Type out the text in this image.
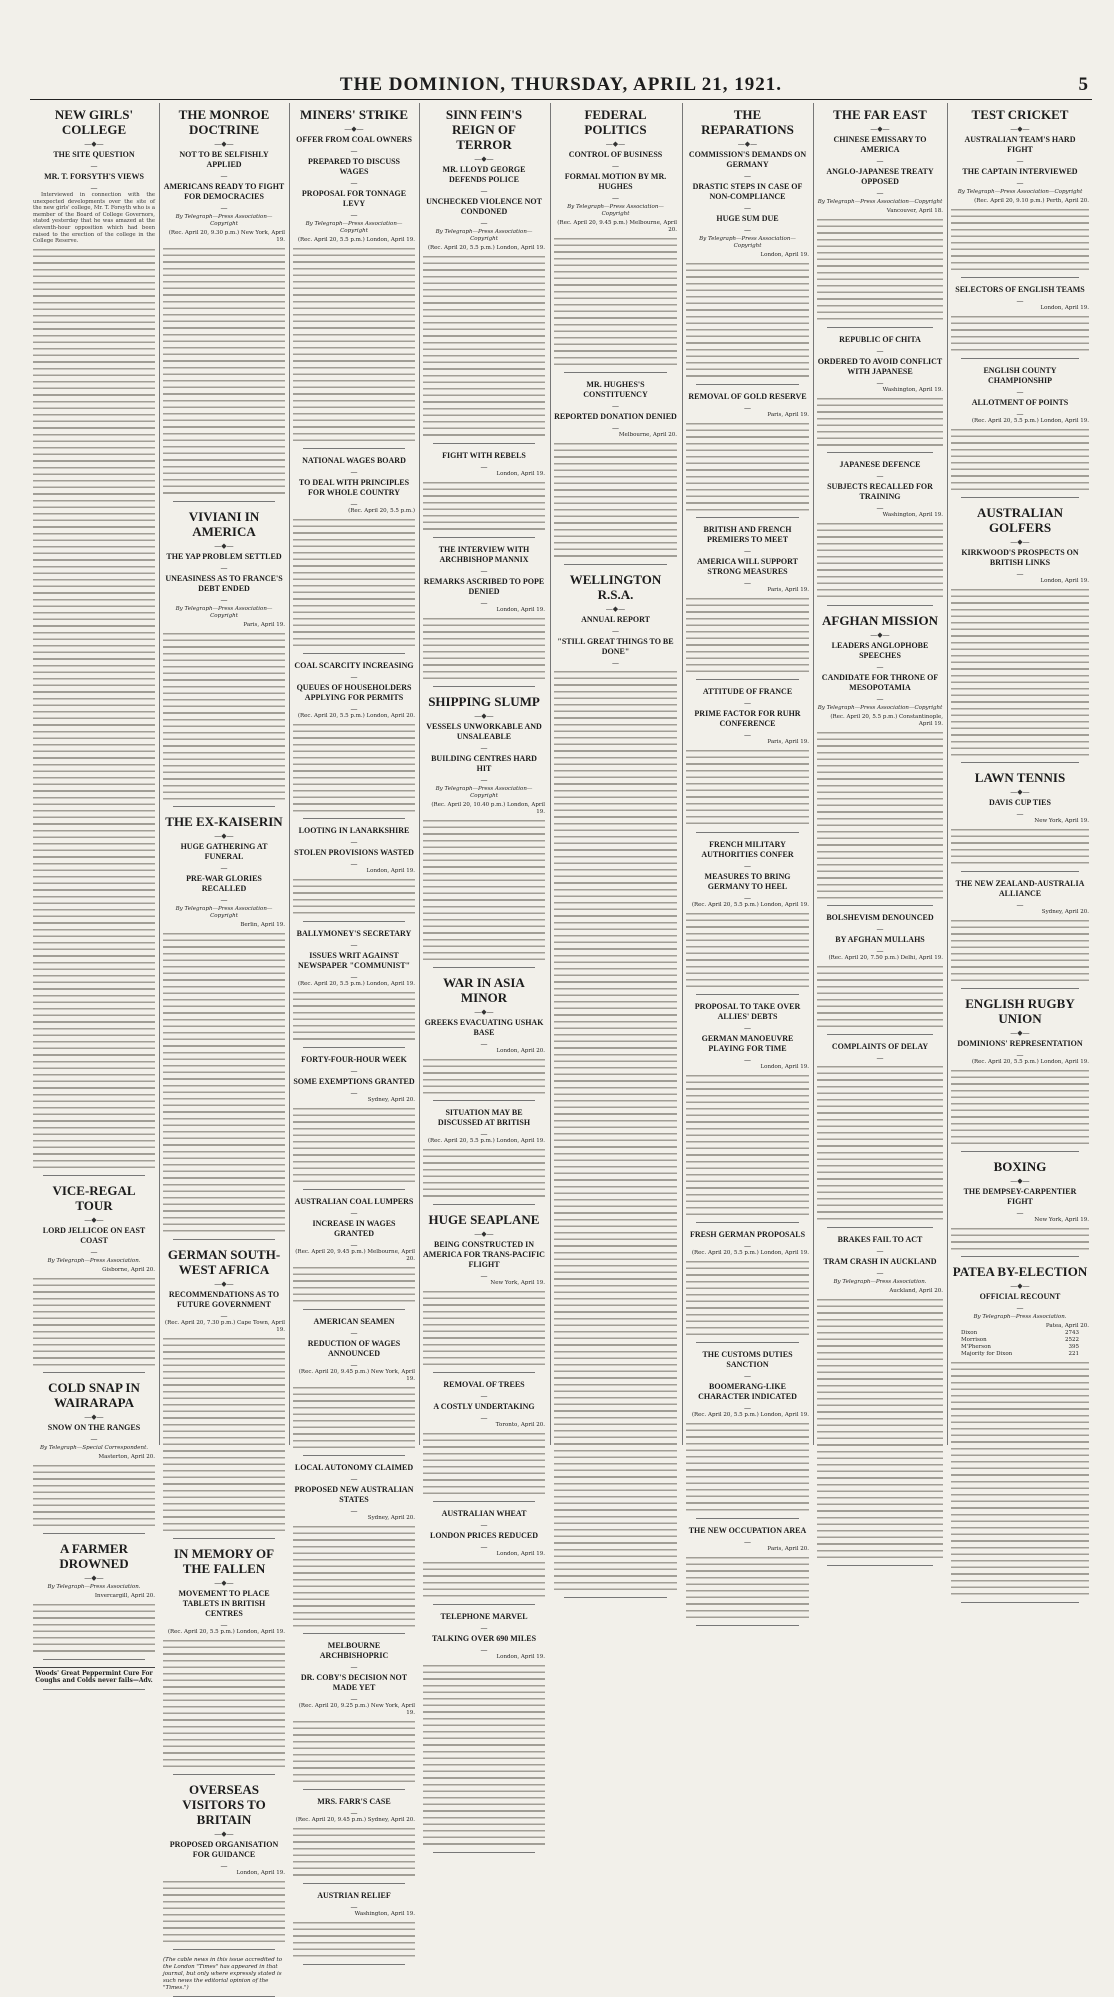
THE DOMINION, THURSDAY, APRIL 21, 1921.	5
NEW GIRLS' COLLEGE
—◆—
THE SITE QUESTION
—
MR. T. FORSYTH'S VIEWS
—

Interviewed in connection with the unexpected developments over the site of the new girls' college, Mr. T. Forsyth who is a member of the Board of College Governors, stated yesterday that he was amazed at the eleventh-hour opposition which had been raised to the erection of the college in the College Reserve.

VICE-REGAL TOUR
—◆—
LORD JELLICOE ON EAST COAST
—
By Telegraph—Press Association.
Gisborne, April 20.
COLD SNAP IN WAIRARAPA
—◆—
SNOW ON THE RANGES
—
By Telegraph—Special Correspondent.
Masterton, April 20.
A FARMER DROWNED
—◆—
By Telegraph—Press Association.
Invercargill, April 20.
Woods' Great Peppermint Cure For Coughs and Colds never fails—Adv.
THE MONROE DOCTRINE
—◆—
NOT TO BE SELFISHLY APPLIED
—
AMERICANS READY TO FIGHT FOR DEMOCRACIES
—
By Telegraph—Press Association—Copyright
(Rec. April 20, 9.30 p.m.) New York, April 19.
VIVIANI IN AMERICA
—◆—
THE YAP PROBLEM SETTLED
—
UNEASINESS AS TO FRANCE'S DEBT ENDED
—
By Telegraph—Press Association—Copyright
Paris, April 19.
THE EX-KAISERIN
—◆—
HUGE GATHERING AT FUNERAL
—
PRE-WAR GLORIES RECALLED
—
By Telegraph—Press Association—Copyright
Berlin, April 19.
GERMAN SOUTH-WEST AFRICA
—◆—
RECOMMENDATIONS AS TO FUTURE GOVERNMENT
—
(Rec. April 20, 7.30 p.m.) Cape Town, April 19.
IN MEMORY OF THE FALLEN
—◆—
MOVEMENT TO PLACE TABLETS IN BRITISH CENTRES
—
(Rec. April 20, 5.5 p.m.) London, April 19.
OVERSEAS VISITORS TO BRITAIN
—◆—
PROPOSED ORGANISATION FOR GUIDANCE
—
London, April 19.
(The cable news in this issue accredited to the London "Times" has appeared in that journal, but only where expressly stated is such news the editorial opinion of the "Times.")
MINERS' STRIKE
—◆—
OFFER FROM COAL OWNERS
—
PREPARED TO DISCUSS WAGES
—
PROPOSAL FOR TONNAGE LEVY
—
By Telegraph—Press Association—Copyright
(Rec. April 20, 5.5 p.m.) London, April 19.
NATIONAL WAGES BOARD
—
TO DEAL WITH PRINCIPLES FOR WHOLE COUNTRY
—
(Rec. April 20, 5.5 p.m.)
COAL SCARCITY INCREASING
—
QUEUES OF HOUSEHOLDERS APPLYING FOR PERMITS
—
(Rec. April 20, 5.5 p.m.) London, April 20.
LOOTING IN LANARKSHIRE
—
STOLEN PROVISIONS WASTED
—
London, April 19.
BALLYMONEY'S SECRETARY
—
ISSUES WRIT AGAINST NEWSPAPER "COMMUNIST"
—
(Rec. April 20, 5.5 p.m.) London, April 19.
FORTY-FOUR-HOUR WEEK
—
SOME EXEMPTIONS GRANTED
—
Sydney, April 20.
AUSTRALIAN COAL LUMPERS
—
INCREASE IN WAGES GRANTED
—
(Rec. April 20, 9.45 p.m.) Melbourne, April 20.
AMERICAN SEAMEN
—
REDUCTION OF WAGES ANNOUNCED
—
(Rec. April 20, 9.45 p.m.) New York, April 19.
LOCAL AUTONOMY CLAIMED
—
PROPOSED NEW AUSTRALIAN STATES
—
Sydney, April 20.
MELBOURNE ARCHBISHOPRIC
—
DR. COBY'S DECISION NOT MADE YET
—
(Rec. April 20, 9.25 p.m.) New York, April 19.
MRS. FARR'S CASE
—
(Rec. April 20, 9.45 p.m.) Sydney, April 20.
AUSTRIAN RELIEF
—
Washington, April 19.
SINN FEIN'S REIGN OF TERROR
—◆—
MR. LLOYD GEORGE DEFENDS POLICE
—
UNCHECKED VIOLENCE NOT CONDONED
—
By Telegraph—Press Association—Copyright
(Rec. April 20, 5.5 p.m.) London, April 19.
FIGHT WITH REBELS
—
London, April 19.
THE INTERVIEW WITH ARCHBISHOP MANNIX
—
REMARKS ASCRIBED TO POPE DENIED
—
London, April 19.
SHIPPING SLUMP
—◆—
VESSELS UNWORKABLE AND UNSALEABLE
—
BUILDING CENTRES HARD HIT
—
By Telegraph—Press Association—Copyright
(Rec. April 20, 10.40 p.m.) London, April 19.
WAR IN ASIA MINOR
—◆—
GREEKS EVACUATING USHAK BASE
—
London, April 20.
SITUATION MAY BE DISCUSSED AT BRITISH
—
(Rec. April 20, 5.5 p.m.) London, April 19.
HUGE SEAPLANE
—◆—
BEING CONSTRUCTED IN AMERICA FOR TRANS-PACIFIC FLIGHT
—
New York, April 19.
REMOVAL OF TREES
—
A COSTLY UNDERTAKING
—
Toronto, April 20.
AUSTRALIAN WHEAT
—
LONDON PRICES REDUCED
—
London, April 19.
TELEPHONE MARVEL
—
TALKING OVER 690 MILES
—
London, April 19.
FEDERAL POLITICS
—◆—
CONTROL OF BUSINESS
—
FORMAL MOTION BY MR. HUGHES
—
By Telegraph—Press Association—Copyright
(Rec. April 20, 9.45 p.m.) Melbourne, April 20.
MR. HUGHES'S CONSTITUENCY
—
REPORTED DONATION DENIED
—
Melbourne, April 20.
WELLINGTON R.S.A.
—◆—
ANNUAL REPORT
—
"STILL GREAT THINGS TO BE DONE"
—
THE REPARATIONS
—◆—
COMMISSION'S DEMANDS ON GERMANY
—
DRASTIC STEPS IN CASE OF NON-COMPLIANCE
—
HUGE SUM DUE
—
By Telegraph—Press Association—Copyright
London, April 19.
REMOVAL OF GOLD RESERVE
—
Paris, April 19.
BRITISH AND FRENCH PREMIERS TO MEET
—
AMERICA WILL SUPPORT STRONG MEASURES
—
Paris, April 19.
ATTITUDE OF FRANCE
—
PRIME FACTOR FOR RUHR CONFERENCE
—
Paris, April 19.
FRENCH MILITARY AUTHORITIES CONFER
—
MEASURES TO BRING GERMANY TO HEEL
—
(Rec. April 20, 5.5 p.m.) London, April 19.
PROPOSAL TO TAKE OVER ALLIES' DEBTS
—
GERMAN MANOEUVRE PLAYING FOR TIME
—
London, April 19.
FRESH GERMAN PROPOSALS
—
(Rec. April 20, 5.5 p.m.) London, April 19.
THE CUSTOMS DUTIES SANCTION
—
BOOMERANG-LIKE CHARACTER INDICATED
—
(Rec. April 20, 5.5 p.m.) London, April 19.
THE NEW OCCUPATION AREA
—
Paris, April 20.
THE FAR EAST
—◆—
CHINESE EMISSARY TO AMERICA
—
ANGLO-JAPANESE TREATY OPPOSED
—
By Telegraph—Press Association—Copyright
Vancouver, April 18.
REPUBLIC OF CHITA
—
ORDERED TO AVOID CONFLICT WITH JAPANESE
—
Washington, April 19.
JAPANESE DEFENCE
—
SUBJECTS RECALLED FOR TRAINING
—
Washington, April 19.
AFGHAN MISSION
—◆—
LEADERS ANGLOPHOBE SPEECHES
—
CANDIDATE FOR THRONE OF MESOPOTAMIA
—
By Telegraph—Press Association—Copyright
(Rec. April 20, 5.5 p.m.) Constantinople, April 19.
BOLSHEVISM DENOUNCED
—
BY AFGHAN MULLAHS
—
(Rec. April 20, 7.50 p.m.) Delhi, April 19.
COMPLAINTS OF DELAY
—
BRAKES FAIL TO ACT
—
TRAM CRASH IN AUCKLAND
—
By Telegraph—Press Association.
Auckland, April 20.
TEST CRICKET
—◆—
AUSTRALIAN TEAM'S HARD FIGHT
—
THE CAPTAIN INTERVIEWED
—
By Telegraph—Press Association—Copyright
(Rec. April 20, 9.10 p.m.) Perth, April 20.
SELECTORS OF ENGLISH TEAMS
—
London, April 19.
ENGLISH COUNTY CHAMPIONSHIP
—
ALLOTMENT OF POINTS
—
(Rec. April 20, 5.5 p.m.) London, April 19.
AUSTRALIAN GOLFERS
—◆—
KIRKWOOD'S PROSPECTS ON BRITISH LINKS
—
London, April 19.
LAWN TENNIS
—◆—
DAVIS CUP TIES
—
New York, April 19.
THE NEW ZEALAND-AUSTRALIA ALLIANCE
—
Sydney, April 20.
ENGLISH RUGBY UNION
—◆—
DOMINIONS' REPRESENTATION
—
(Rec. April 20, 5.5 p.m.) London, April 19.
BOXING
—◆—
THE DEMPSEY-CARPENTIER FIGHT
—
New York, April 19.
PATEA BY-ELECTION
—◆—
OFFICIAL RECOUNT
—
By Telegraph—Press Association.
Patea, April 20.
Dixon	2743
Morrison	2522
M'Pherson	395
Majority for Dixon	221
